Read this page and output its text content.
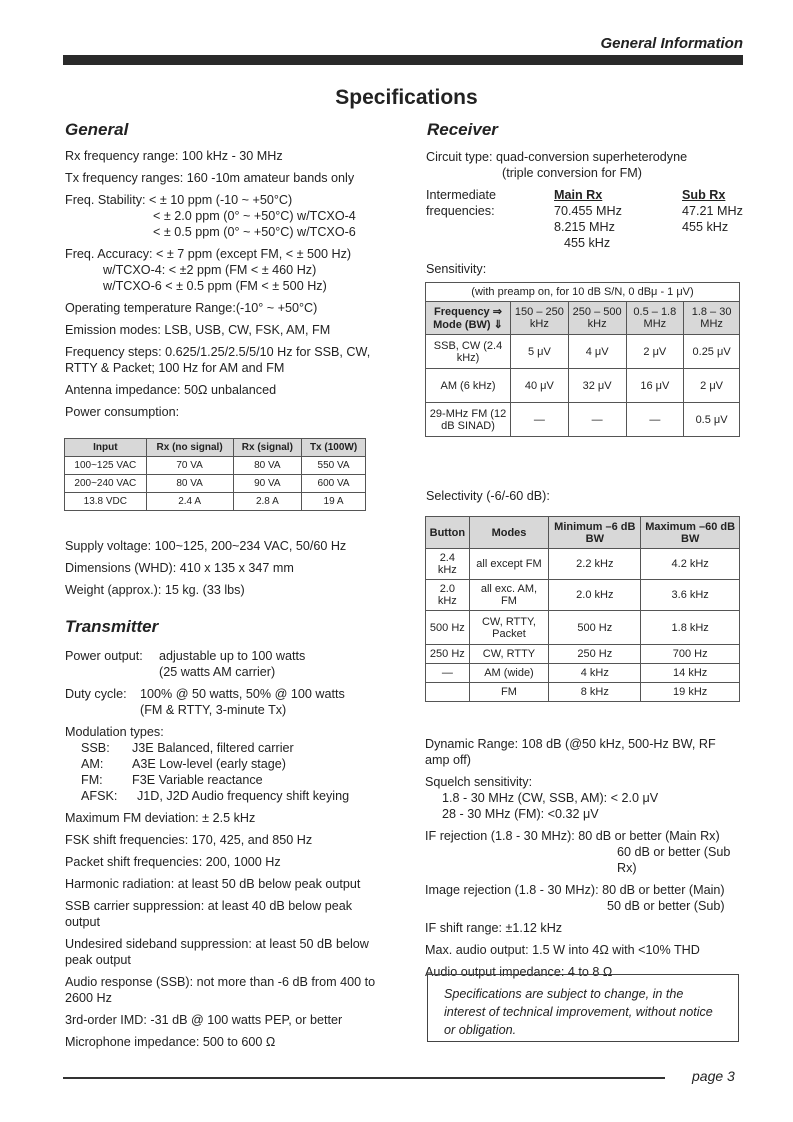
General Information
Specifications
General

Rx frequency range: 100 kHz - 30 MHz

Tx frequency ranges: 160 -10m amateur bands only

Freq. Stability: < ± 10 ppm (-10 ~ +50°C)

< ± 2.0 ppm (0° ~ +50°C) w/TCXO-4

< ± 0.5 ppm (0° ~ +50°C) w/TCXO-6

Freq. Accuracy: < ± 7 ppm (except FM, < ± 500 Hz)

w/TCXO-4: < ±2 ppm (FM < ± 460 Hz)

w/TCXO-6 < ± 0.5 ppm (FM < ± 500 Hz)

Operating temperature Range:(-10° ~ +50°C)

Emission modes: LSB, USB, CW, FSK, AM, FM

Frequency steps: 0.625/1.25/2.5/5/10 Hz for SSB, CW, RTTY & Packet; 100 Hz for AM and FM

Antenna impedance: 50Ω unbalanced

Power consumption:

Input	Rx (no signal)	Rx (signal)	Tx (100W)
100~125 VAC	70 VA	80 VA	550 VA
200~240 VAC	80 VA	90 VA	600 VA
13.8 VDC	2.4 A	2.8 A	19 A

Supply voltage: 100~125, 200~234 VAC, 50/60 Hz

Dimensions (WHD): 410 x 135 x 347 mm

Weight (approx.): 15 kg. (33 lbs)

Transmitter
Power output:	adjustable up to 100 watts
(25 watts AM carrier)
Duty cycle:	100% @ 50 watts, 50% @ 100 watts
(FM & RTTY, 3-minute Tx)

Modulation types:

SSB:	J3E Balanced, filtered carrier
AM:	A3E Low-level (early stage)
FM:	F3E Variable reactance
AFSK:	J1D, J2D Audio frequency shift keying

Maximum FM deviation: ± 2.5 kHz

FSK shift frequencies: 170, 425, and 850 Hz

Packet shift frequencies: 200, 1000 Hz

Harmonic radiation: at least 50 dB below peak output

SSB carrier suppression: at least 40 dB below peak output

Undesired sideband suppression: at least 50 dB below peak output

Audio response (SSB): not more than -6 dB from 400 to 2600 Hz

3rd-order IMD: -31 dB @ 100 watts PEP, or better

Microphone impedance: 500 to 600 Ω

Receiver

Circuit type: quad-conversion superheterodyne

(triple conversion for FM)

Intermediate frequencies:
Main Rx	Sub Rx
70.455 MHz	47.21 MHz
8.215 MHz	455 kHz
455 kHz

Sensitivity:

(with preamp on, for 10 dB S/N, 0 dBμ - 1 μV)				
Frequency ⇒ Mode (BW) ⇓	150 – 250 kHz	250 – 500 kHz	0.5 – 1.8 MHz	1.8 – 30 MHz
SSB, CW (2.4 kHz)	5 μV	4 μV	2 μV	0.25 μV
AM (6 kHz)	40 μV	32 μV	16 μV	2 μV
29-MHz FM (12 dB SINAD)	—	—	—	0.5 μV

Selectivity (-6/-60 dB):

Button	Modes	Minimum –6 dB BW	Maximum –60 dB BW
2.4 kHz	all except FM	2.2 kHz	4.2 kHz
2.0 kHz	all exc. AM, FM	2.0 kHz	3.6 kHz
500 Hz	CW, RTTY, Packet	500 Hz	1.8 kHz
250 Hz	CW, RTTY	250 Hz	700 Hz
—	AM (wide)	4 kHz	14 kHz
	FM	8 kHz	19 kHz

Dynamic Range: 108 dB (@50 kHz, 500-Hz BW, RF amp off)

Squelch sensitivity:

1.8 - 30 MHz (CW, SSB, AM): < 2.0 μV

28 - 30 MHz (FM): <0.32 μV

IF rejection (1.8 - 30 MHz): 80 dB or better (Main Rx)

60 dB or better (Sub Rx)

Image rejection (1.8 - 30 MHz): 80 dB or better (Main)

50 dB or better (Sub)

IF shift range: ±1.12 kHz

Max. audio output: 1.5 W into 4Ω with <10% THD

Audio output impedance: 4 to 8 Ω

Specifications are subject to change, in the interest of technical improvement, without notice or obligation.
page 3
